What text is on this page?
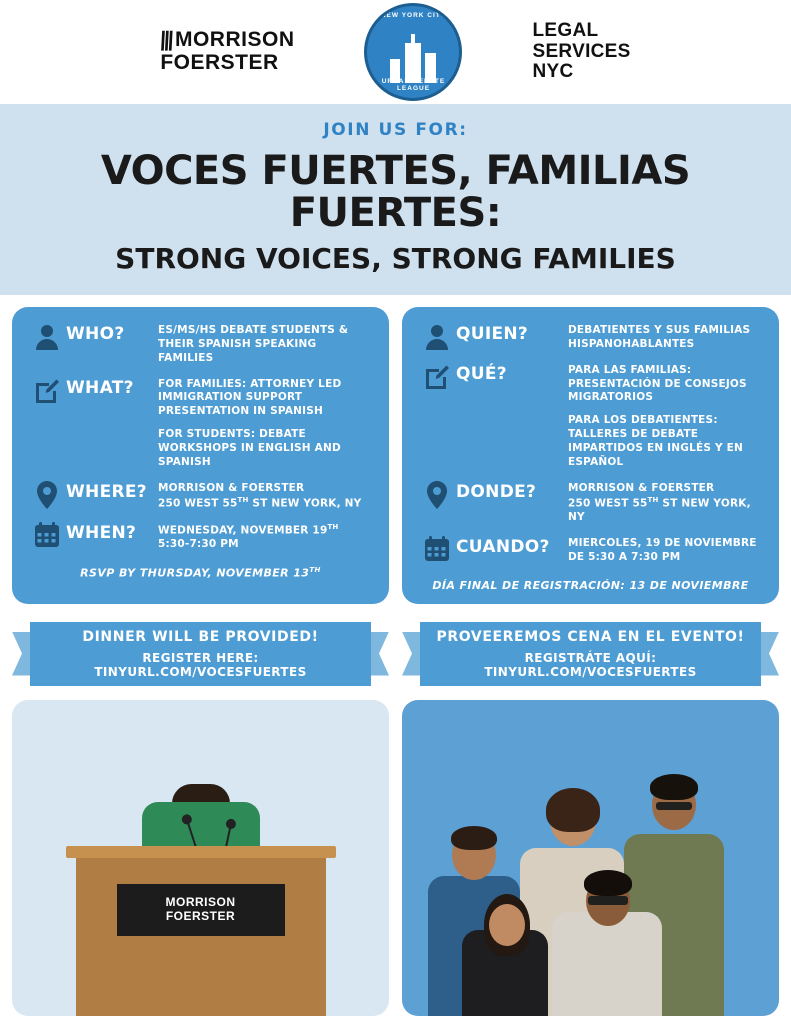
||| MORRISON
FOERSTER
NEW YORK CITY
URBAN DEBATE LEAGUE
LEGAL
SERVICES
NYC
JOIN US FOR:
VOCES FUERTES, FAMILIAS FUERTES:
STRONG VOICES, STRONG FAMILIES
WHO?	ES/MS/HS DEBATE STUDENTS & THEIR SPANISH SPEAKING FAMILIES

WHAT?	FOR FAMILIES: ATTORNEY LED IMMIGRATION SUPPORT PRESENTATION IN SPANISH

FOR STUDENTS: DEBATE WORKSHOPS IN ENGLISH AND SPANISH

WHERE?	MORRISON & FOERSTER

250 WEST 55TH ST NEW YORK, NY

WHEN?	WEDNESDAY, NOVEMBER 19TH

5:30-7:30 PM

RSVP BY THURSDAY, NOVEMBER 13TH
QUIEN?	DEBATIENTES Y SUS FAMILIAS HISPANOHABLANTES

QUÉ?	PARA LAS FAMILIAS: PRESENTACIÓN DE CONSEJOS MIGRATORIOS

PARA LOS DEBATIENTES: TALLERES DE DEBATE IMPARTIDOS EN INGLÉS Y EN ESPAÑOL

DONDE?	MORRISON & FOERSTER

250 WEST 55TH ST NEW YORK, NY

CUANDO?	MIERCOLES, 19 DE NOVIEMBRE

DE 5:30 A 7:30 PM

DÍA FINAL DE REGISTRACIÓN: 13 DE NOVIEMBRE
DINNER WILL BE PROVIDED!
REGISTER HERE: TINYURL.COM/VOCESFUERTES
PROVEEREMOS CENA EN EL EVENTO!
REGISTRÁTE AQUÍ: TINYURL.COM/VOCESFUERTES
MORRISON
FOERSTER
